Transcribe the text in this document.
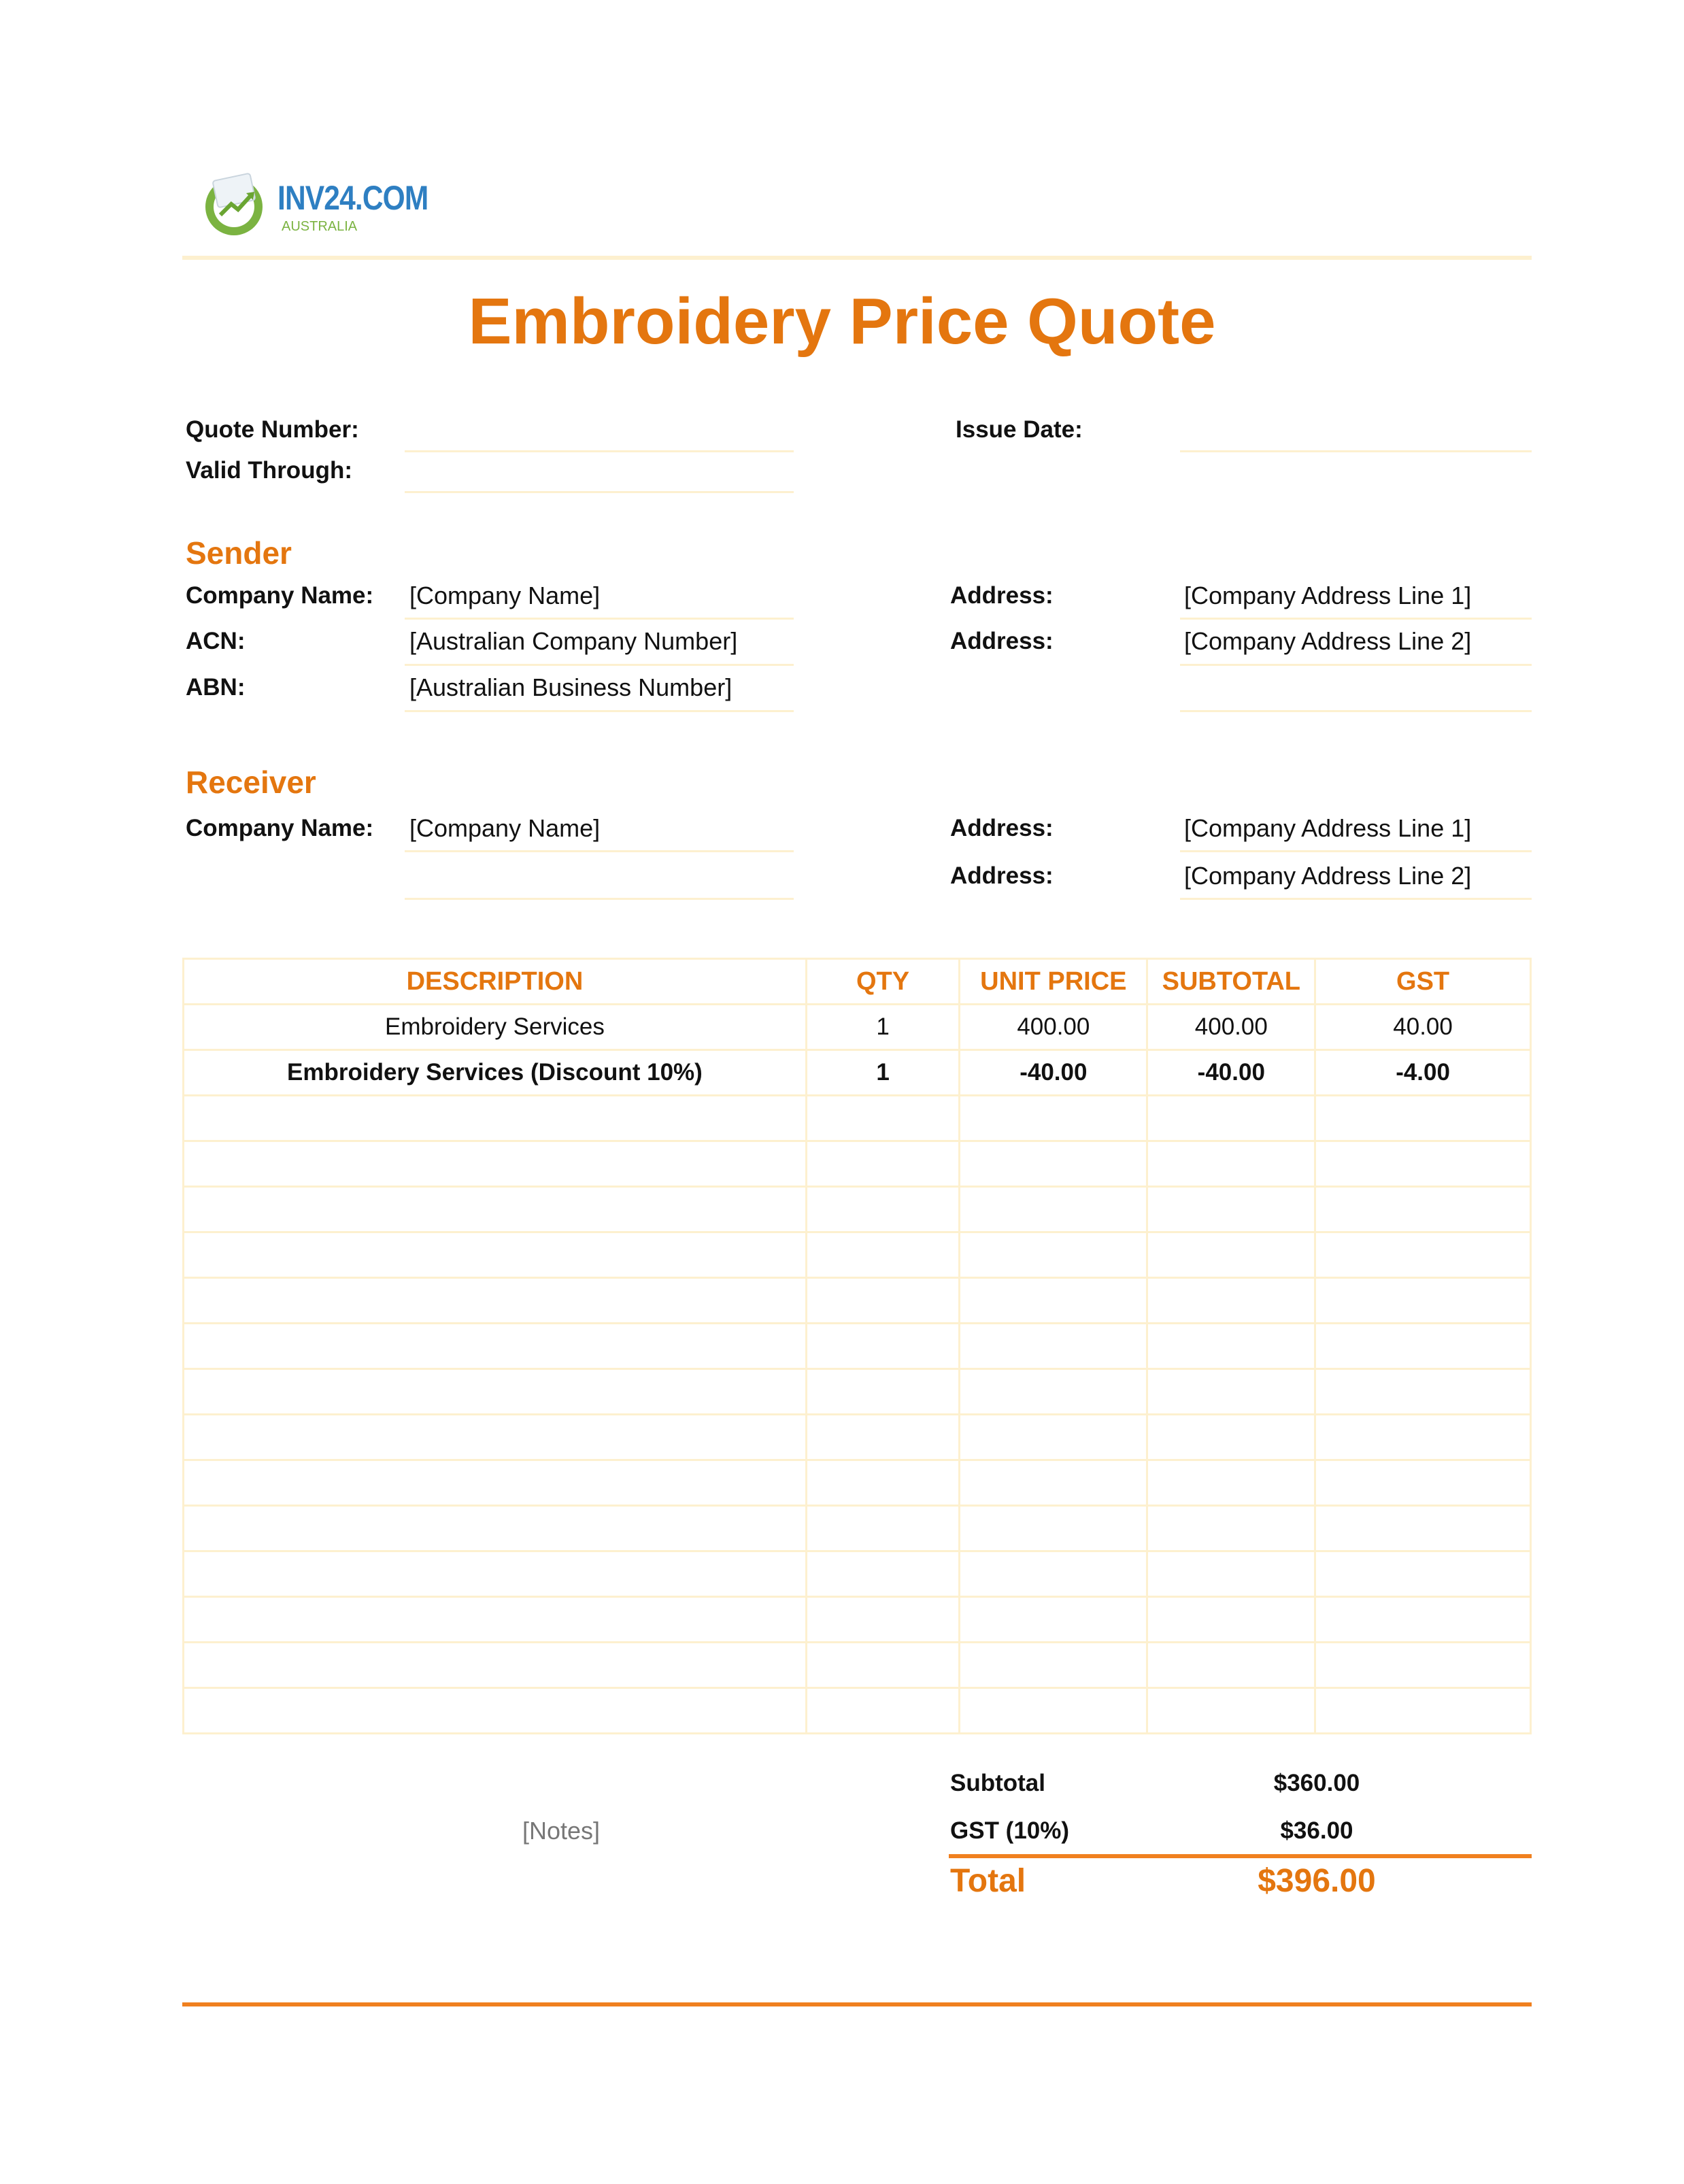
INV24.COM
AUSTRALIA
Embroidery Price Quote
Quote Number:
Valid Through:
Issue Date:
Sender
Company Name: [Company Name]
ACN:	[Australian Company Number]
ABN:	[Australian Business Number]
Address:	[Company Address Line 1]
Address:	[Company Address Line 2]
Receiver
Company Name: [Company Name]	Address:	[Company Address Line 1]
Address:	[Company Address Line 2]
DESCRIPTION	QTY	UNIT PRICE	SUBTOTAL	GST
Embroidery Services	1	400.00	400.00	40.00
Embroidery Services (Discount 10%)	1	-40.00	-40.00	-4.00

Subtotal	$360.00
GST (10%)	$36.00
Total	$396.00
[Notes]
